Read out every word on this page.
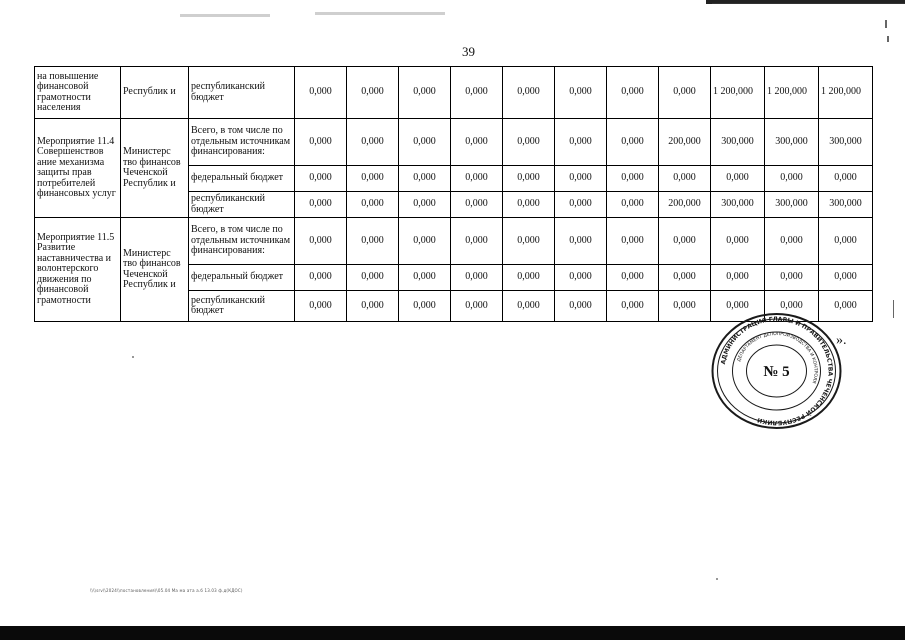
39
на повышение финансовой грамотности населения	Республик и	республиканский бюджет	0,000	0,000	0,000	0,000	0,000	0,000	0,000	0,000	1 200,000	1 200,000	1 200,000
Мероприятие 11.4 Совершенствов ание механизма защиты прав потребителей финансовых услуг	Министерс тво финансов Чеченской Республик и	Всего, в том числе по отдельным источникам финансирования:	0,000	0,000	0,000	0,000	0,000	0,000	0,000	200,000	300,000	300,000	300,000
		федеральный бюджет	0,000	0,000	0,000	0,000	0,000	0,000	0,000	0,000	0,000	0,000	0,000
		республиканский бюджет	0,000	0,000	0,000	0,000	0,000	0,000	0,000	200,000	300,000	300,000	300,000
Мероприятие 11.5 Развитие наставничества и волонтерского движения по финансовой грамотности	Министерс тво финансов Чеченской Республик и	Всего, в том числе по отдельным источникам финансирования:	0,000	0,000	0,000	0,000	0,000	0,000	0,000	0,000	0,000	0,000	0,000
		федеральный бюджет	0,000	0,000	0,000	0,000	0,000	0,000	0,000	0,000	0,000	0,000	0,000
		республиканский бюджет	0,000	0,000	0,000	0,000	0,000	0,000	0,000	0,000	0,000	0,000	0,000
АДМИНИСТРАЦИЯ ГЛАВЫ И ПРАВИТЕЛЬСТВА ЧЕЧЕНСКОЙ РЕСПУБЛИКИ
ДЕПАРТАМЕНТ ДЕЛОПРОИЗВОДСТВА И КОНТРОЛЯ
№ 5
».
\\\\srv\\2024\\постановления\\05.04 Ма ма ата а.б 13.03 ф.д(КДОС)
